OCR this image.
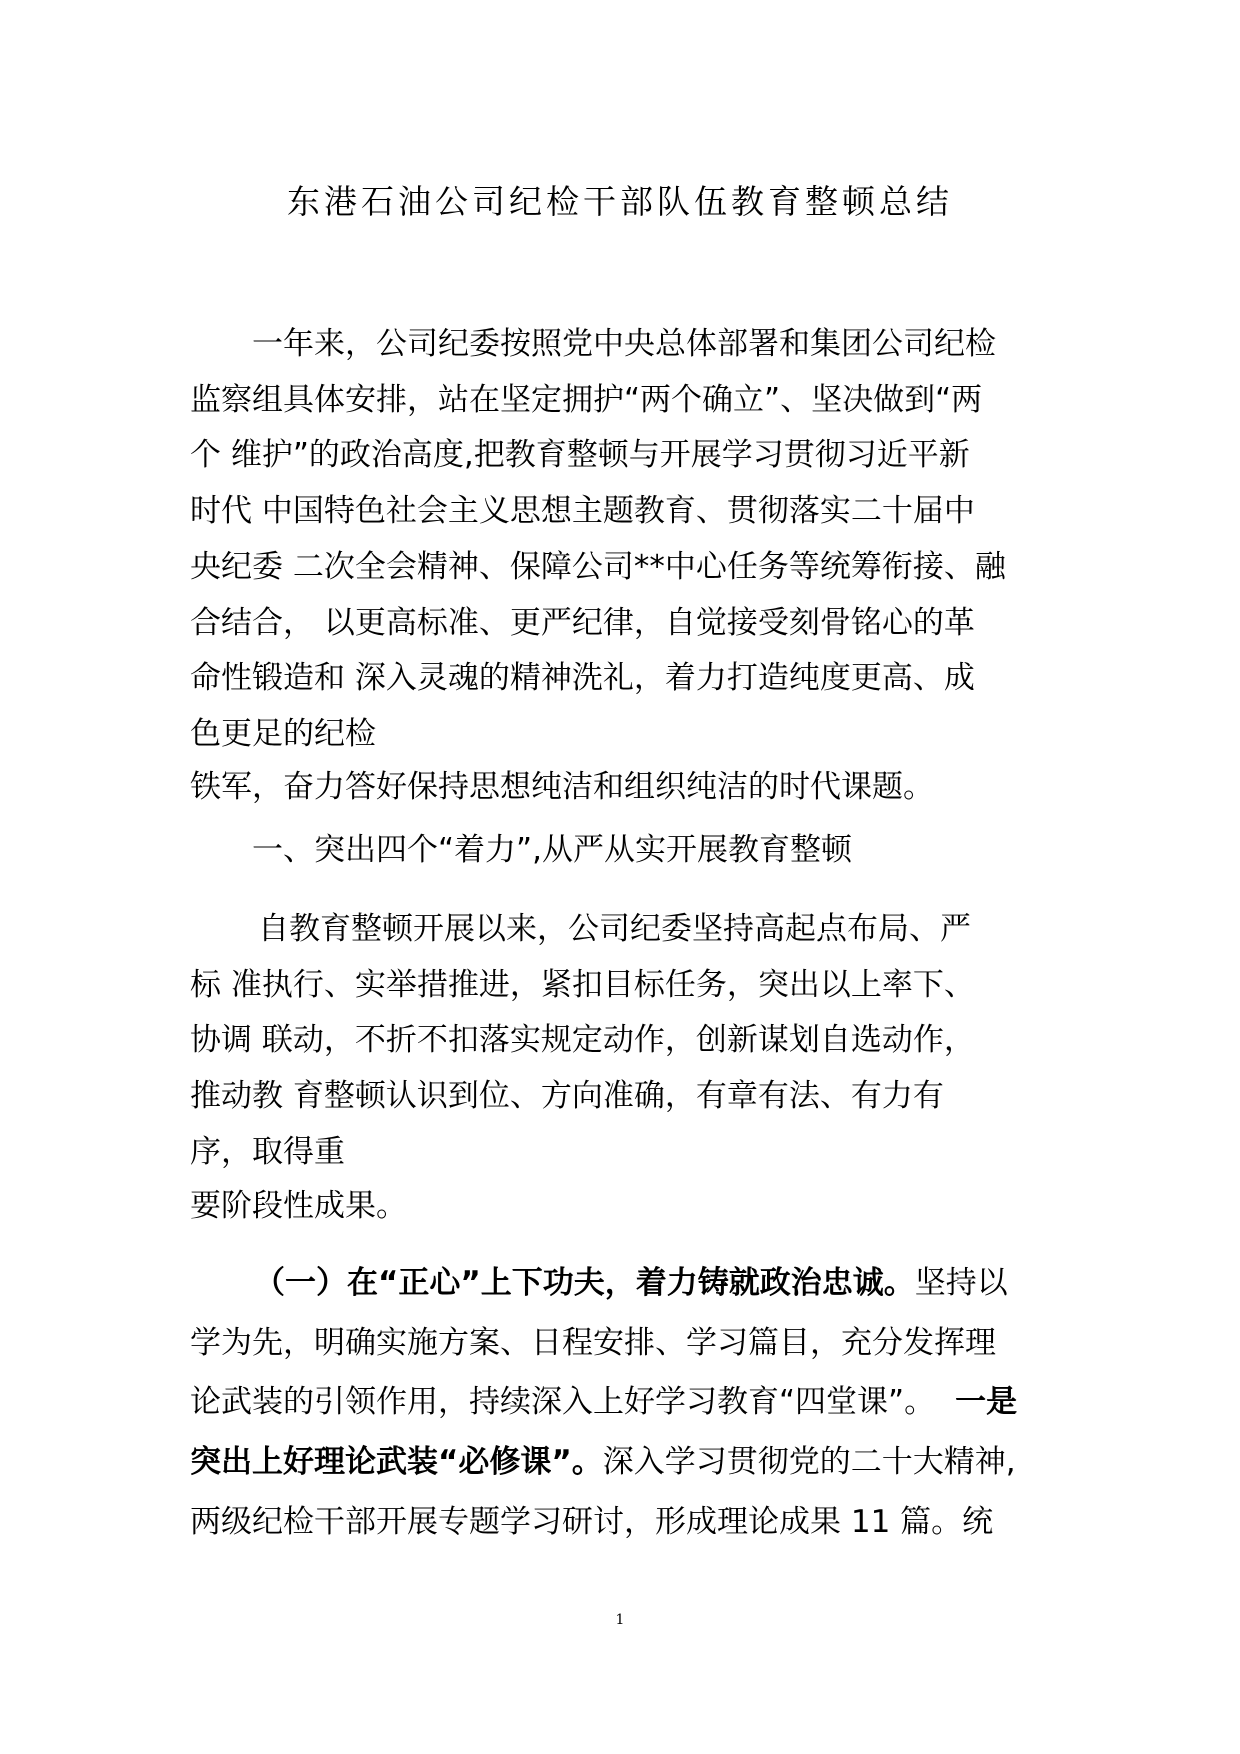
东港石油公司纪检干部队伍教育整顿总结
一年来，公司纪委按照党中央总体部署和集团公司纪检
监察组具体安排，站在坚定拥护“两个确立”、坚决做到“两
个 维护”的政治高度,把教育整顿与开展学习贯彻习近平新
时代 中国特色社会主义思想主题教育、贯彻落实二十届中
央纪委 二次全会精神、保障公司**中心任务等统筹衔接、融
合结合， 以更高标准、更严纪律，自觉接受刻骨铭心的革
命性锻造和 深入灵魂的精神洗礼，着力打造纯度更高、成
色更足的纪检
铁军，奋力答好保持思想纯洁和组织纯洁的时代课题。
一、突出四个“着力”,从严从实开展教育整顿
自教育整顿开展以来，公司纪委坚持高起点布局、严
标 准执行、实举措推进，紧扣目标任务，突出以上率下、
协调 联动，不折不扣落实规定动作，创新谋划自选动作，
推动教 育整顿认识到位、方向准确，有章有法、有力有
序，取得重
要阶段性成果。
（一）在“正心”上下功夫，着力铸就政治忠诚。坚持以
学为先，明确实施方案、日程安排、学习篇目，充分发挥理
论武装的引领作用，持续深入上好学习教育“四堂课”。 一是
突出上好理论武装“必修课”。深入学习贯彻党的二十大精神,
两级纪检干部开展专题学习研讨，形成理论成果 11 篇。统
1
